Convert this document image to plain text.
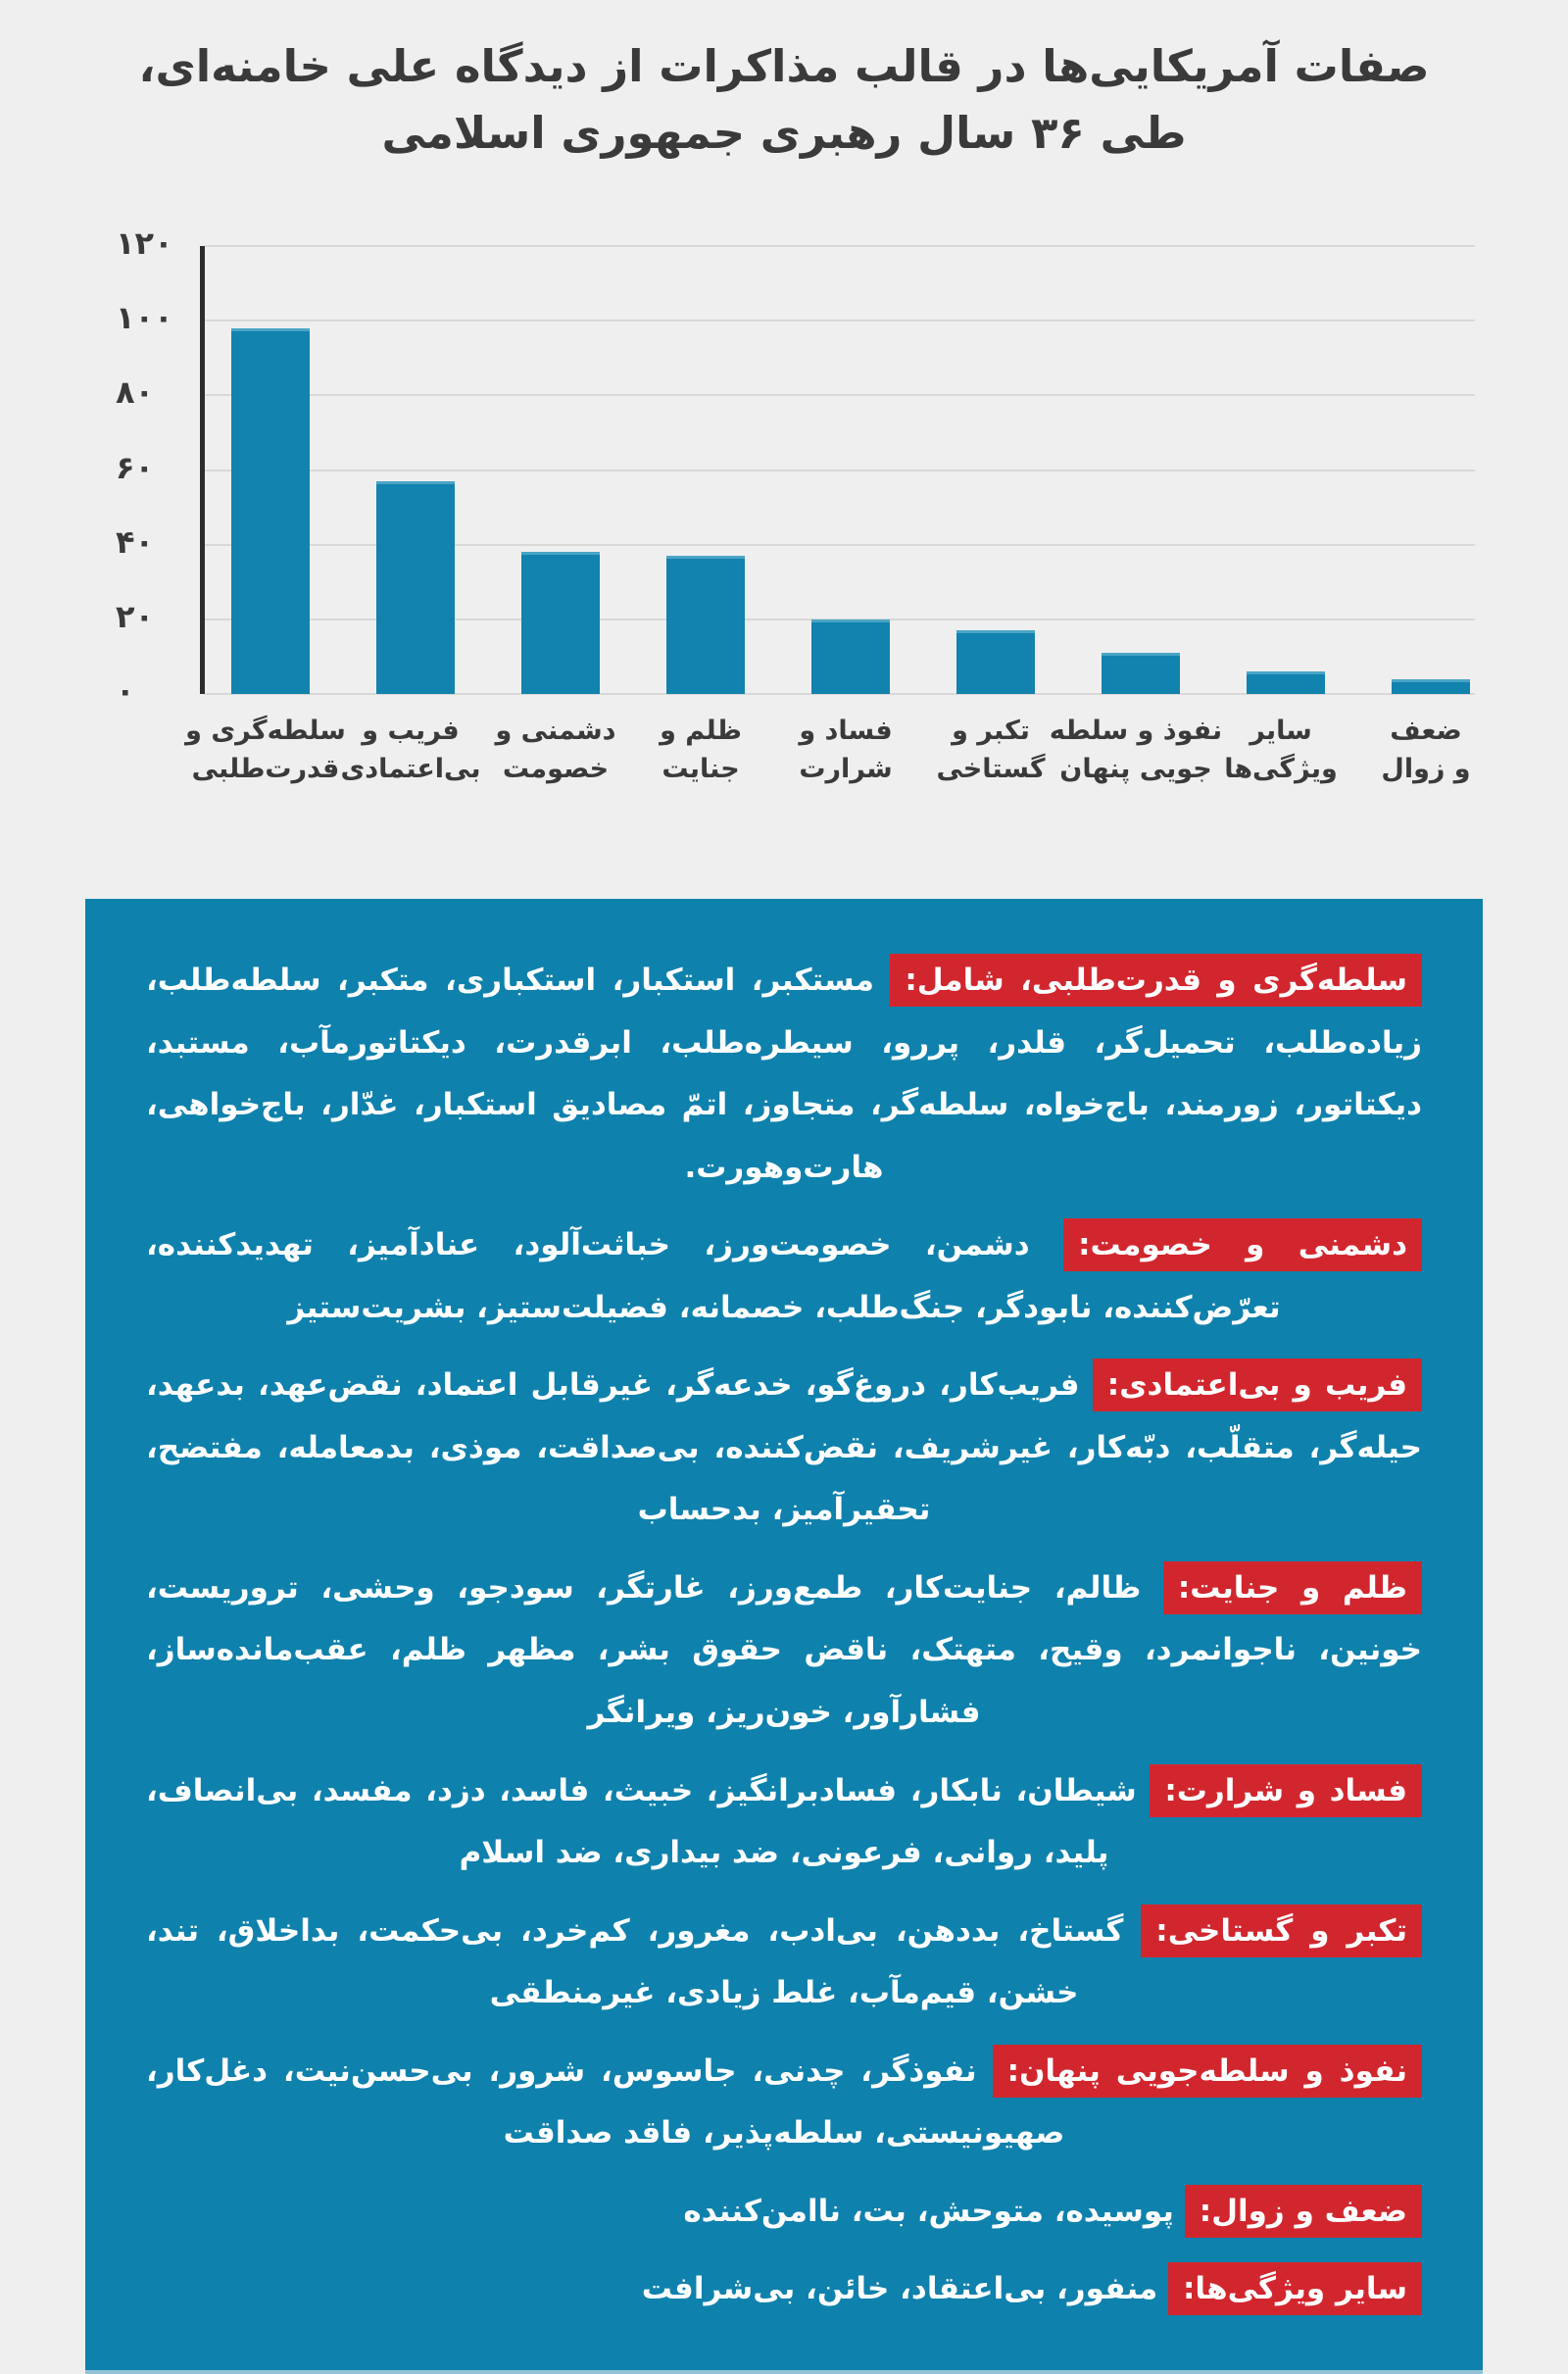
صفات آمریکایی‌ها در قالب مذاکرات از دیدگاه علی خامنه‌ای،
طی ۳۶ سال رهبری جمهوری اسلامی
۰
۲۰
۴۰
۶۰
۸۰
۱۰۰
۱۲۰
سلطه‌گری و
قدرت‌طلبی
فریب و
بی‌اعتمادی
دشمنی و
خصومت
ظلم و
جنایت
فساد و
شرارت
تکبر و
گستاخی
نفوذ و سلطه
جویی پنهان
سایر
ویژگی‌ها
ضعف
و زوال

سلطه‌گری و قدرت‌طلبی، شامل: مستکبر، استکبار، استکباری، متکبر، سلطه‌طلب، زیاده‌طلب، تحمیل‌گر، قلدر، پررو، سیطره‌طلب، ابرقدرت، دیکتاتورمآب، مستبد، دیکتاتور، زورمند، باج‌خواه، سلطه‌گر، متجاوز، اتمّ مصادیق استکبار، غدّار، باج‌خواهی، هارت‌وهورت.

دشمنی و خصومت: دشمن، خصومت‌ورز، خباثت‌آلود، عنادآمیز، تهدیدکننده، تعرّض‌کننده، نابودگر، جنگ‌طلب، خصمانه، فضیلت‌ستیز، بشریت‌ستیز

فریب و بی‌اعتمادی: فریب‌کار، دروغ‌گو، خدعه‌گر، غیرقابل اعتماد، نقض‌عهد، بدعهد، حیله‌گر، متقلّب، دبّه‌کار، غیرشریف، نقض‌کننده، بی‌صداقت، موذی، بدمعامله، مفتضح، تحقیرآمیز، بدحساب

ظلم و جنایت: ظالم، جنایت‌کار، طمع‌ورز، غارتگر، سودجو، وحشی، تروریست، خونین، ناجوانمرد، وقیح، متهتک، ناقض حقوق بشر، مظهر ظلم، عقب‌مانده‌ساز، فشارآور، خون‌ریز، ویرانگر

فساد و شرارت: شیطان، نابکار، فسادبرانگیز، خبیث، فاسد، دزد، مفسد، بی‌انصاف، پلید، روانی، فرعونی، ضد بیداری، ضد اسلام

تکبر و گستاخی: گستاخ، بددهن، بی‌ادب، مغرور، کم‌خرد، بی‌حکمت، بداخلاق، تند، خشن، قیم‌مآب، غلط زیادی، غیرمنطقی

نفوذ و سلطه‌جویی پنهان: نفوذگر، چدنی، جاسوس، شرور، بی‌حسن‌نیت، دغل‌کار، صهیونیستی، سلطه‌پذیر، فاقد صداقت

ضعف و زوال: پوسیده، متوحش، بت، ناامن‌کننده

سایر ویژگی‌ها: منفور، بی‌اعتقاد، خائن، بی‌شرافت
